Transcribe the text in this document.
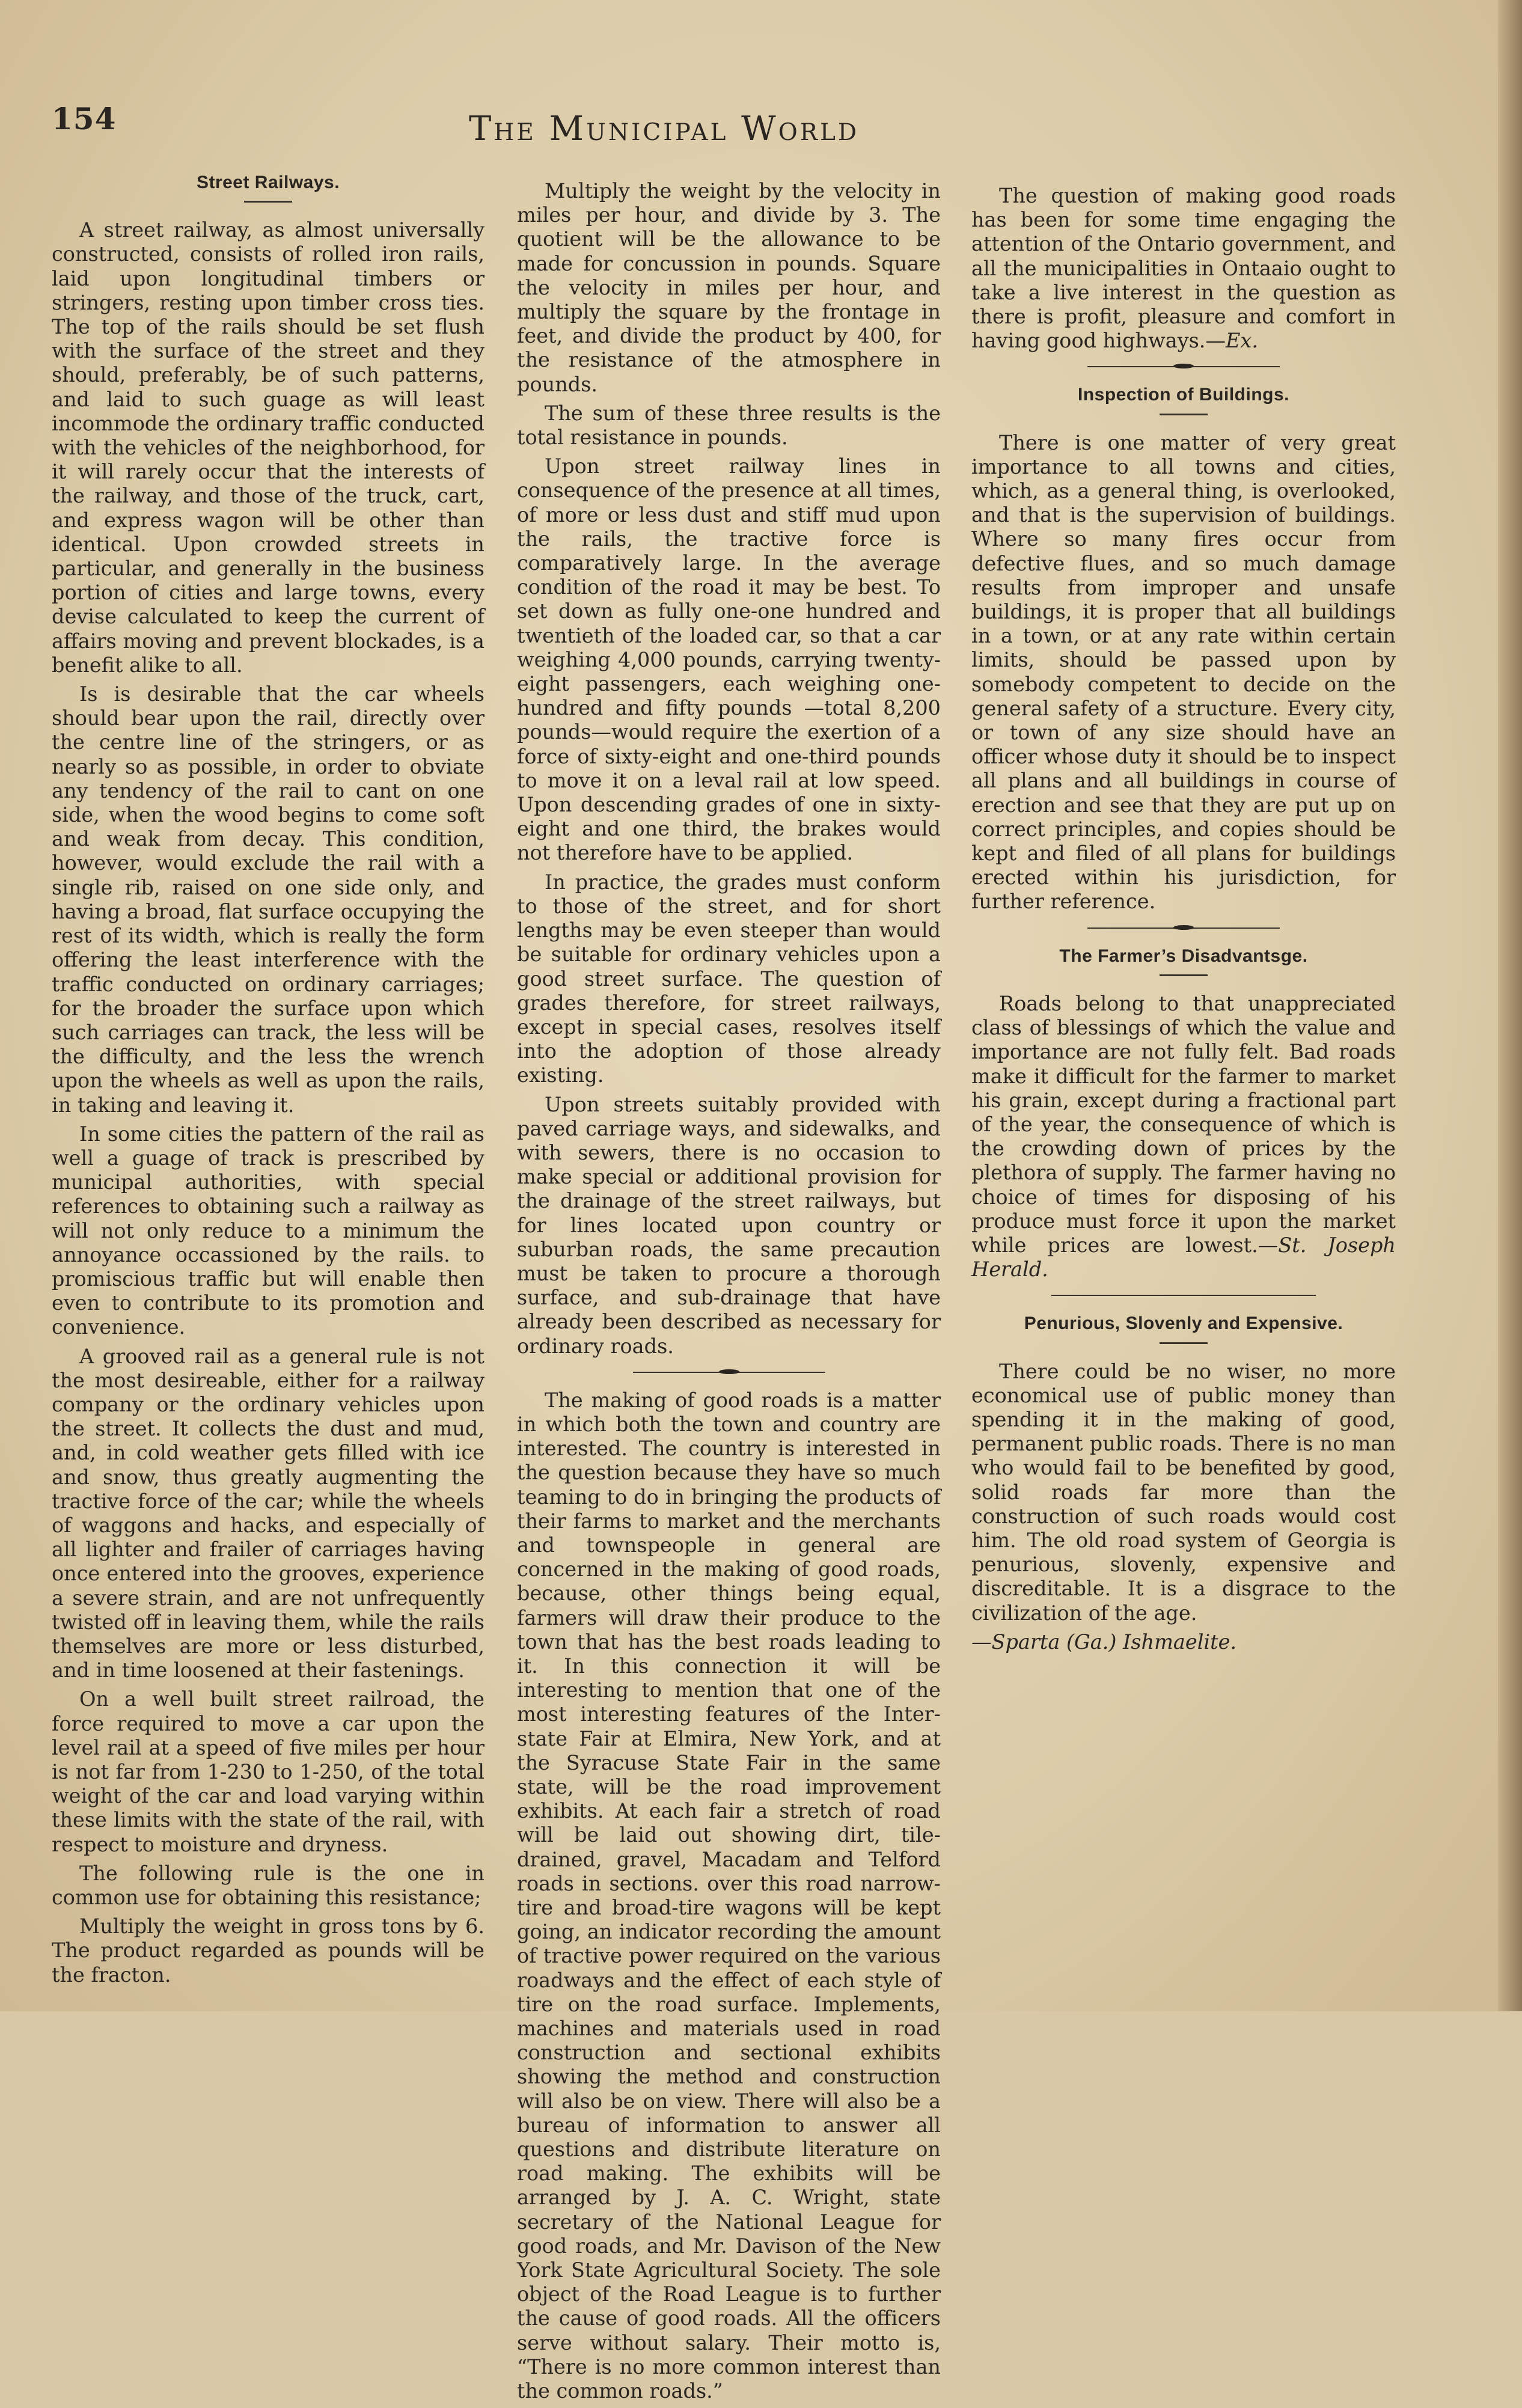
154	The Municipal World
Street Railways.

A street railway, as almost universally constructed, consists of rolled iron rails, laid upon longitudinal timbers or stringers, resting upon timber cross ties. The top of the rails should be set flush with the surface of the street and they should, preferably, be of such patterns, and laid to such guage as will least incommode the ordinary traffic conducted with the vehicles of the neighborhood, for it will rarely occur that the interests of the railway, and those of the truck, cart, and express wagon will be other than identical. Upon crowded streets in particular, and generally in the business portion of cities and large towns, every devise calculated to keep the current of affairs moving and prevent blockades, is a benefit alike to all.

Is is desirable that the car wheels should bear upon the rail, directly over the centre line of the stringers, or as nearly so as possible, in order to obviate any tendency of the rail to cant on one side, when the wood begins to come soft and weak from decay. This condition, however, would exclude the rail with a single rib, raised on one side only, and having a broad, flat surface occupying the rest of its width, which is really the form offering the least interference with the traffic conducted on ordinary carriages; for the broader the surface upon which such carriages can track, the less will be the difficulty, and the less the wrench upon the wheels as well as upon the rails, in taking and leaving it.

In some cities the pattern of the rail as well a guage of track is prescribed by municipal authorities, with special references to obtaining such a railway as will not only reduce to a minimum the annoyance occassioned by the rails. to promiscious traffic but will enable then even to contribute to its promotion and convenience.

A grooved rail as a general rule is not the most desireable, either for a railway company or the ordinary vehicles upon the street. It collects the dust and mud, and, in cold weather gets filled with ice and snow, thus greatly augmenting the tractive force of the car; while the wheels of waggons and hacks, and especially of all lighter and frailer of carriages having once entered into the grooves, experience a severe strain, and are not unfrequently twisted off in leaving them, while the rails themselves are more or less disturbed, and in time loosened at their fastenings.

On a well built street railroad, the force required to move a car upon the level rail at a speed of five miles per hour is not far from 1-230 to 1-250, of the total weight of the car and load varying within these limits with the state of the rail, with respect to moisture and dryness.

The following rule is the one in common use for obtaining this resistance;

Multiply the weight in gross tons by 6. The product regarded as pounds will be the fracton.

Multiply the weight by the velocity in miles per hour, and divide by 3. The quotient will be the allowance to be made for concussion in pounds. Square the velocity in miles per hour, and multiply the square by the frontage in feet, and divide the product by 400, for the resistance of the atmosphere in pounds.

The sum of these three results is the total resistance in pounds.

Upon street railway lines in consequence of the presence at all times, of more or less dust and stiff mud upon the rails, the tractive force is comparatively large. In the average condition of the road it may be best. To set down as fully one-one hundred and twentieth of the loaded car, so that a car weighing 4,000 pounds, carrying twenty-eight passengers, each weighing one-hundred and fifty pounds —total 8,200 pounds—would require the exertion of a force of sixty-eight and one-third pounds to move it on a leval rail at low speed. Upon descending grades of one in sixty-eight and one third, the brakes would not therefore have to be applied.

In practice, the grades must conform to those of the street, and for short lengths may be even steeper than would be suitable for ordinary vehicles upon a good street surface. The question of grades therefore, for street railways, except in special cases, resolves itself into the adoption of those already existing.

Upon streets suitably provided with paved carriage ways, and sidewalks, and with sewers, there is no occasion to make special or additional provision for the drainage of the street railways, but for lines located upon country or suburban roads, the same precaution must be taken to procure a thorough surface, and sub-drainage that have already been described as necessary for ordinary roads.

The making of good roads is a matter in which both the town and country are interested. The country is interested in the question because they have so much teaming to do in bringing the products of their farms to market and the merchants and townspeople in general are concerned in the making of good roads, because, other things being equal, farmers will draw their produce to the town that has the best roads leading to it. In this connection it will be interesting to mention that one of the most interesting features of the Inter-state Fair at Elmira, New York, and at the Syracuse State Fair in the same state, will be the road improvement exhibits. At each fair a stretch of road will be laid out showing dirt, tile-drained, gravel, Macadam and Telford roads in sections. over this road narrow-tire and broad-tire wagons will be kept going, an indicator recording the amount of tractive power required on the various roadways and the effect of each style of tire on the road surface. Implements, machines and materials used in road construction and sectional exhibits showing the method and construction will also be on view. There will also be a bureau of information to answer all questions and distribute literature on road making. The exhibits will be arranged by J. A. C. Wright, state secretary of the National League for good roads, and Mr. Davison of the New York State Agricultural Society. The sole object of the Road League is to further the cause of good roads. All the officers serve without salary. Their motto is, “There is no more common interest than the common roads.”

The question of making good roads has been for some time engaging the attention of the Ontario government, and all the municipalities in Ontaaio ought to take a live interest in the question as there is profit, pleasure and comfort in having good highways.—Ex.

Inspection of Buildings.

There is one matter of very great importance to all towns and cities, which, as a general thing, is overlooked, and that is the supervision of buildings. Where so many fires occur from defective flues, and so much damage results from improper and unsafe buildings, it is proper that all buildings in a town, or at any rate within certain limits, should be passed upon by somebody competent to decide on the general safety of a structure. Every city, or town of any size should have an officer whose duty it should be to inspect all plans and all buildings in course of erection and see that they are put up on correct principles, and copies should be kept and filed of all plans for buildings erected within his jurisdiction, for further reference.

The Farmer’s Disadvantsge.

Roads belong to that unappreciated class of blessings of which the value and importance are not fully felt. Bad roads make it difficult for the farmer to market his grain, except during a fractional part of the year, the consequence of which is the crowding down of prices by the plethora of supply. The farmer having no choice of times for disposing of his produce must force it upon the market while prices are lowest.—St. Joseph Herald.

Penurious, Slovenly and Expensive.

There could be no wiser, no more economical use of public money than spending it in the making of good, permanent public roads. There is no man who would fail to be benefited by good, solid roads far more than the construction of such roads would cost him. The old road system of Georgia is penurious, slovenly, expensive and discreditable. It is a disgrace to the civilization of the age.

—Sparta (Ga.) Ishmaelite.
